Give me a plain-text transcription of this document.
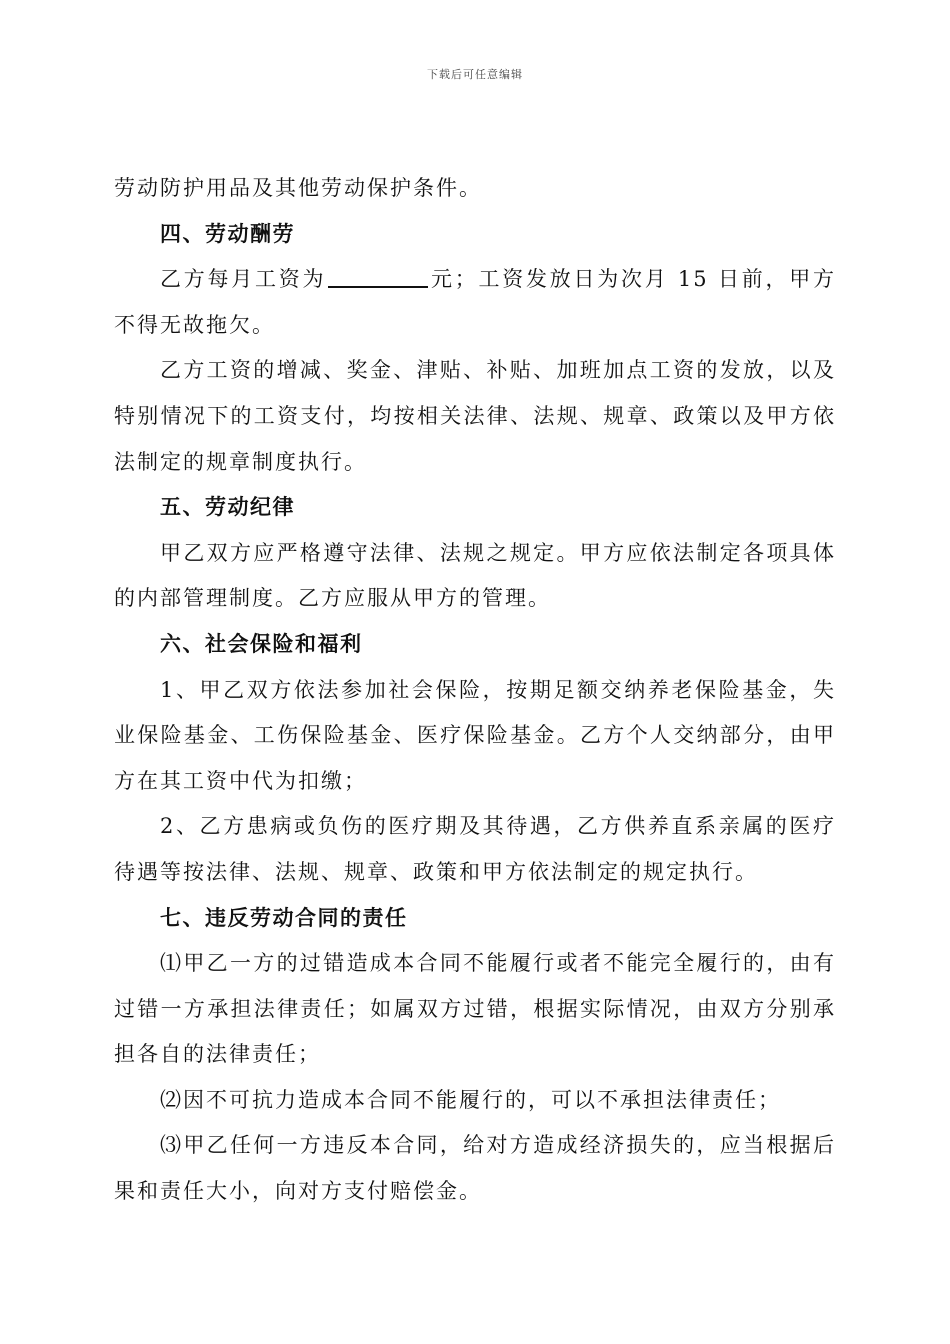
下载后可任意编辑

劳动防护用品及其他劳动保护条件。

四、劳动酬劳

乙方每月工资为	元；工资发放日为次月 15 日前，甲方不得无故拖欠。

乙方工资的增减、奖金、津贴、补贴、加班加点工资的发放，以及特别情况下的工资支付，均按相关法律、法规、规章、政策以及甲方依法制定的规章制度执行。

五、劳动纪律

甲乙双方应严格遵守法律、法规之规定。甲方应依法制定各项具体的内部管理制度。乙方应服从甲方的管理。

六、社会保险和福利

1、甲乙双方依法参加社会保险，按期足额交纳养老保险基金，失业保险基金、工伤保险基金、医疗保险基金。乙方个人交纳部分，由甲方在其工资中代为扣缴；

2、乙方患病或负伤的医疗期及其待遇，乙方供养直系亲属的医疗待遇等按法律、法规、规章、政策和甲方依法制定的规定执行。

七、违反劳动合同的责任

⑴甲乙一方的过错造成本合同不能履行或者不能完全履行的，由有过错一方承担法律责任；如属双方过错，根据实际情况，由双方分别承担各自的法律责任；

⑵因不可抗力造成本合同不能履行的，可以不承担法律责任；

⑶甲乙任何一方违反本合同，给对方造成经济损失的，应当根据后果和责任大小，向对方支付赔偿金。
